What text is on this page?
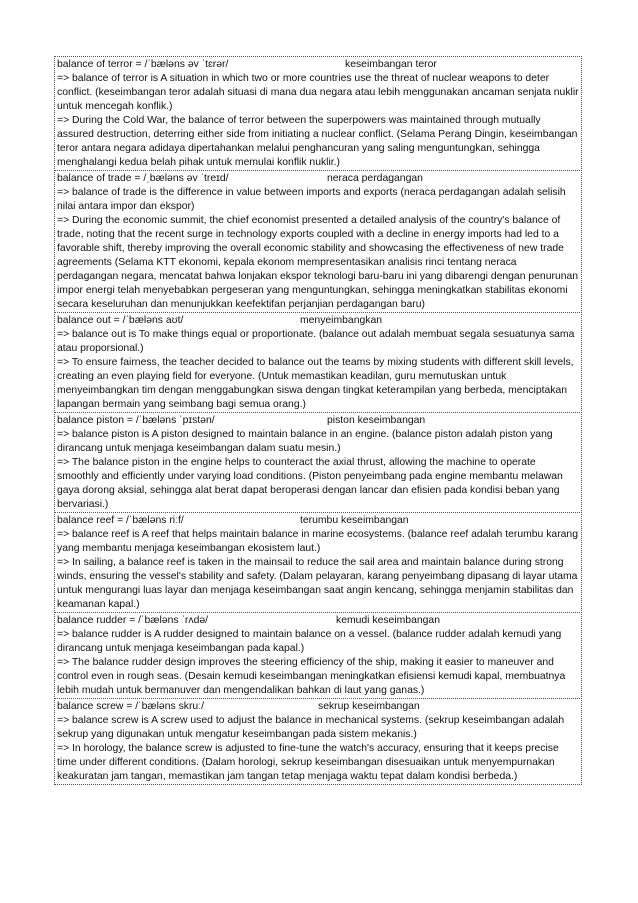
balance of terror = /ˈbæləns əv ˈtɛrər/	keseimbangan teror

=> balance of terror is A situation in which two or more countries use the threat of nuclear weapons to deter conflict. (keseimbangan teror adalah situasi di mana dua negara atau lebih menggunakan ancaman senjata nuklir untuk mencegah konflik.)

=> During the Cold War, the balance of terror between the superpowers was maintained through mutually assured destruction, deterring either side from initiating a nuclear conflict. (Selama Perang Dingin, keseimbangan teror antara negara adidaya dipertahankan melalui penghancuran yang saling menguntungkan, sehingga menghalangi kedua belah pihak untuk memulai konflik nuklir.)

balance of trade = /ˌbæləns əv ˈtreɪd/	neraca perdagangan

=> balance of trade is the difference in value between imports and exports (neraca perdagangan adalah selisih nilai antara impor dan ekspor)

=> During the economic summit, the chief economist presented a detailed analysis of the country's balance of trade, noting that the recent surge in technology exports coupled with a decline in energy imports had led to a favorable shift, thereby improving the overall economic stability and showcasing the effectiveness of new trade agreements (Selama KTT ekonomi, kepala ekonom mempresentasikan analisis rinci tentang neraca perdagangan negara, mencatat bahwa lonjakan ekspor teknologi baru-baru ini yang dibarengi dengan penurunan impor energi telah menyebabkan pergeseran yang menguntungkan, sehingga meningkatkan stabilitas ekonomi secara keseluruhan dan menunjukkan keefektifan perjanjian perdagangan baru)

balance out = /ˈbæləns aʊt/	menyeimbangkan

=> balance out is To make things equal or proportionate. (balance out adalah membuat segala sesuatunya sama atau proporsional.)

=> To ensure fairness, the teacher decided to balance out the teams by mixing students with different skill levels, creating an even playing field for everyone. (Untuk memastikan keadilan, guru memutuskan untuk menyeimbangkan tim dengan menggabungkan siswa dengan tingkat keterampilan yang berbeda, menciptakan lapangan bermain yang seimbang bagi semua orang.)

balance piston = /ˈbæləns ˈpɪstən/	piston keseimbangan

=> balance piston is A piston designed to maintain balance in an engine. (balance piston adalah piston yang dirancang untuk menjaga keseimbangan dalam suatu mesin.)

=> The balance piston in the engine helps to counteract the axial thrust, allowing the machine to operate smoothly and efficiently under varying load conditions. (Piston penyeimbang pada engine membantu melawan gaya dorong aksial, sehingga alat berat dapat beroperasi dengan lancar dan efisien pada kondisi beban yang bervariasi.)

balance reef = /ˈbæləns riːf/	terumbu keseimbangan

=> balance reef is A reef that helps maintain balance in marine ecosystems. (balance reef adalah terumbu karang yang membantu menjaga keseimbangan ekosistem laut.)

=> In sailing, a balance reef is taken in the mainsail to reduce the sail area and maintain balance during strong winds, ensuring the vessel's stability and safety. (Dalam pelayaran, karang penyeimbang dipasang di layar utama untuk mengurangi luas layar dan menjaga keseimbangan saat angin kencang, sehingga menjamin stabilitas dan keamanan kapal.)

balance rudder = /ˈbæləns ˈrʌdə/	kemudi keseimbangan

=> balance rudder is A rudder designed to maintain balance on a vessel. (balance rudder adalah kemudi yang dirancang untuk menjaga keseimbangan pada kapal.)

=> The balance rudder design improves the steering efficiency of the ship, making it easier to maneuver and control even in rough seas. (Desain kemudi keseimbangan meningkatkan efisiensi kemudi kapal, membuatnya lebih mudah untuk bermanuver dan mengendalikan bahkan di laut yang ganas.)

balance screw = /ˈbæləns skruː/	sekrup keseimbangan

=> balance screw is A screw used to adjust the balance in mechanical systems. (sekrup keseimbangan adalah sekrup yang digunakan untuk mengatur keseimbangan pada sistem mekanis.)

=> In horology, the balance screw is adjusted to fine-tune the watch's accuracy, ensuring that it keeps precise time under different conditions. (Dalam horologi, sekrup keseimbangan disesuaikan untuk menyempurnakan keakuratan jam tangan, memastikan jam tangan tetap menjaga waktu tepat dalam kondisi berbeda.)
